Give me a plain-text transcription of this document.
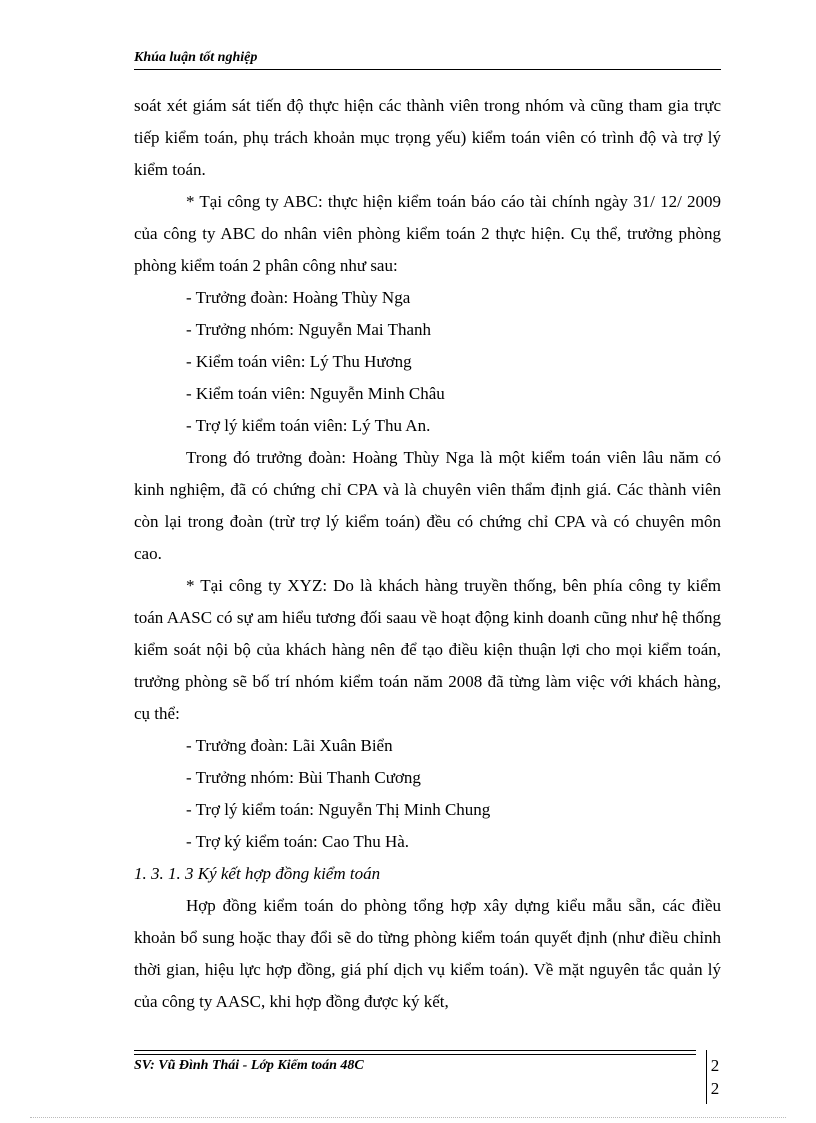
Khúa luận tốt nghiệp

soát xét giám sát tiến độ thực hiện các thành viên trong nhóm và cũng tham gia trực tiếp kiểm toán, phụ trách khoản mục trọng yếu) kiểm toán viên có trình độ và trợ lý kiểm toán.

* Tại công ty ABC: thực hiện kiểm toán báo cáo tài chính ngày 31/ 12/ 2009 của công ty ABC do nhân viên phòng kiểm toán 2 thực hiện. Cụ thể, trưởng phòng phòng kiểm toán 2 phân công như sau:

- Trưởng đoàn: Hoàng Thùy Nga

- Trưởng nhóm: Nguyễn Mai Thanh

- Kiểm toán viên: Lý Thu Hương

- Kiểm toán viên: Nguyễn Minh Châu

- Trợ lý kiểm toán viên: Lý Thu An.

Trong đó trưởng đoàn: Hoàng Thùy Nga là một kiểm toán viên lâu năm có kinh nghiệm, đã có chứng chỉ CPA và là chuyên viên thẩm định giá. Các thành viên còn lại trong đoàn (trừ trợ lý kiểm toán) đều có chứng chỉ CPA và có chuyên môn cao.

* Tại công ty XYZ: Do là khách hàng truyền thống, bên phía công ty kiểm toán AASC có sự am hiểu tương đối saau về hoạt động kinh doanh cũng như hệ thống kiểm soát nội bộ của khách hàng nên để tạo điều kiện thuận lợi cho mọi kiểm toán, trưởng phòng sẽ bố trí nhóm kiểm toán năm 2008 đã từng làm việc với khách hàng, cụ thể:

- Trưởng đoàn: Lãi Xuân Biển

- Trưởng nhóm: Bùi Thanh Cương

- Trợ lý kiểm toán: Nguyễn Thị Minh Chung

- Trợ ký kiểm toán: Cao Thu Hà.

1. 3. 1. 3 Ký kết hợp đồng kiểm toán

Hợp đồng kiểm toán do phòng tổng hợp xây dựng kiểu mẫu sẵn, các điều khoản bổ sung hoặc thay đổi sẽ do từng phòng kiểm toán quyết định (như điều chỉnh thời gian, hiệu lực hợp đồng, giá phí dịch vụ kiểm toán). Về mặt nguyên tắc quản lý của công ty AASC, khi hợp đồng được ký kết,

SV: Vũ Đình Thái - Lớp Kiểm toán 48C	2
2
